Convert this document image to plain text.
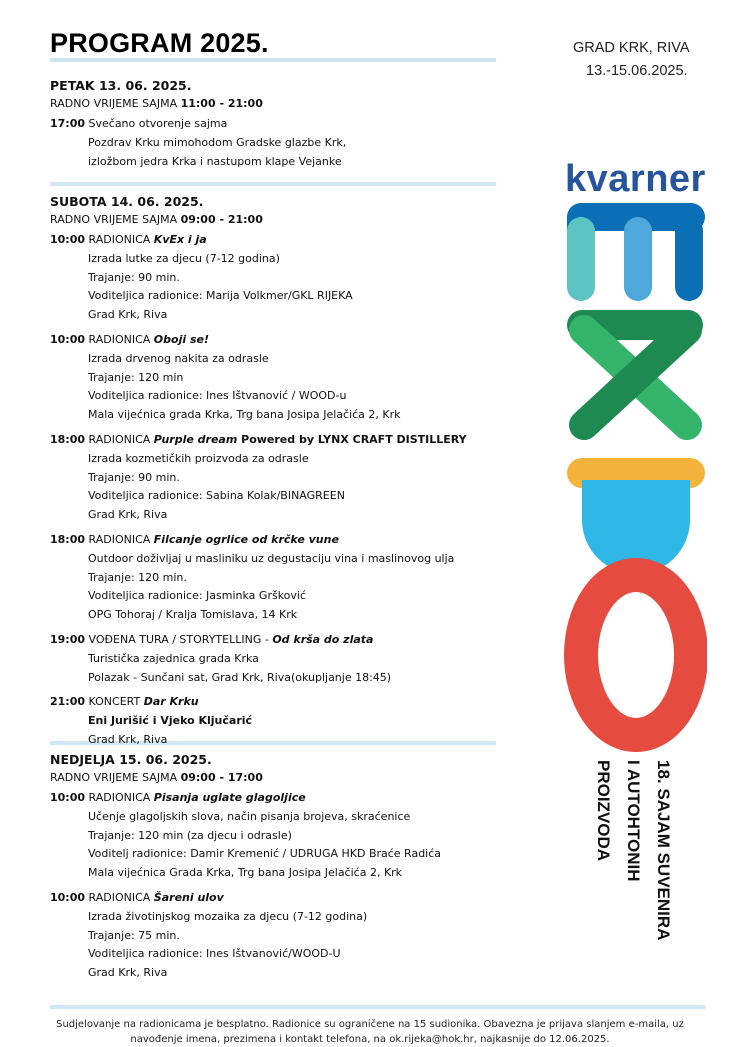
PROGRAM 2025.	GRAD KRK, RIVA
13.-15.06.2025.
PETAK 13. 06. 2025.
RADNO VRIJEME SAJMA 11:00 - 21:00
17:00 Svečano otvorenje sajma
Pozdrav Krku mimohodom Gradske glazbe Krk,
izložbom jedra Krka i nastupom klape Vejanke
SUBOTA 14. 06. 2025.
RADNO VRIJEME SAJMA 09:00 - 21:00
10:00 RADIONICA KvEx i ja
Izrada lutke za djecu (7-12 godina)
Trajanje: 90 min.
Voditeljica radionice: Marija Volkmer/GKL RIJEKA
Grad Krk, Riva
10:00 RADIONICA Oboji se!
Izrada drvenog nakita za odrasle
Trajanje: 120 min
Voditeljica radionice: Ines Ištvanović / WOOD-u
Mala vijećnica grada Krka, Trg bana Josipa Jelačića 2, Krk
18:00 RADIONICA Purple dream Powered by LYNX CRAFT DISTILLERY
Izrada kozmetičkih proizvoda za odrasle
Trajanje: 90 min.
Voditeljica radionice: Sabina Kolak/BINAGREEN
Grad Krk, Riva
18:00 RADIONICA Filcanje ogrlice od krčke vune
Outdoor doživljaj u masliniku uz degustaciju vina i maslinovog ulja
Trajanje: 120 min.
Voditeljica radionice: Jasminka Gršković
OPG Tohoraj / Kralja Tomislava, 14 Krk
19:00 VOĐENA TURA / STORYTELLING - Od krša do zlata
Turistička zajednica grada Krka
Polazak - Sunčani sat, Grad Krk, Riva(okupljanje 18:45)
21:00 KONCERT Dar Krku
Eni Jurišić i Vjeko Ključarić
Grad Krk, Riva
NEDJELJA 15. 06. 2025.
RADNO VRIJEME SAJMA 09:00 - 17:00
10:00 RADIONICA Pisanja uglate glagoljice
Učenje glagoljskih slova, način pisanja brojeva, skraćenice
Trajanje: 120 min (za djecu i odrasle)
Voditelj radionice: Damir Kremenić / UDRUGA HKD Braće Radića
Mala vijećnica Grada Krka, Trg bana Josipa Jelačića 2, Krk
10:00 RADIONICA Šareni ulov
Izrada životinjskog mozaika za djecu (7-12 godina)
Trajanje: 75 min.
Voditeljica radionice: Ines Ištvanović/WOOD-U
Grad Krk, Riva
kvarner
18. SAJAM SUVENIRA
I AUTOHTONIH
PROIZVODA
Sudjelovanje na radionicama je besplatno. Radionice su ograničene na 15 sudionika. Obavezna je prijava slanjem e-maila, uz
navođenje imena, prezimena i kontakt telefona, na ok.rijeka@hok.hr, najkasnije do 12.06.2025.
